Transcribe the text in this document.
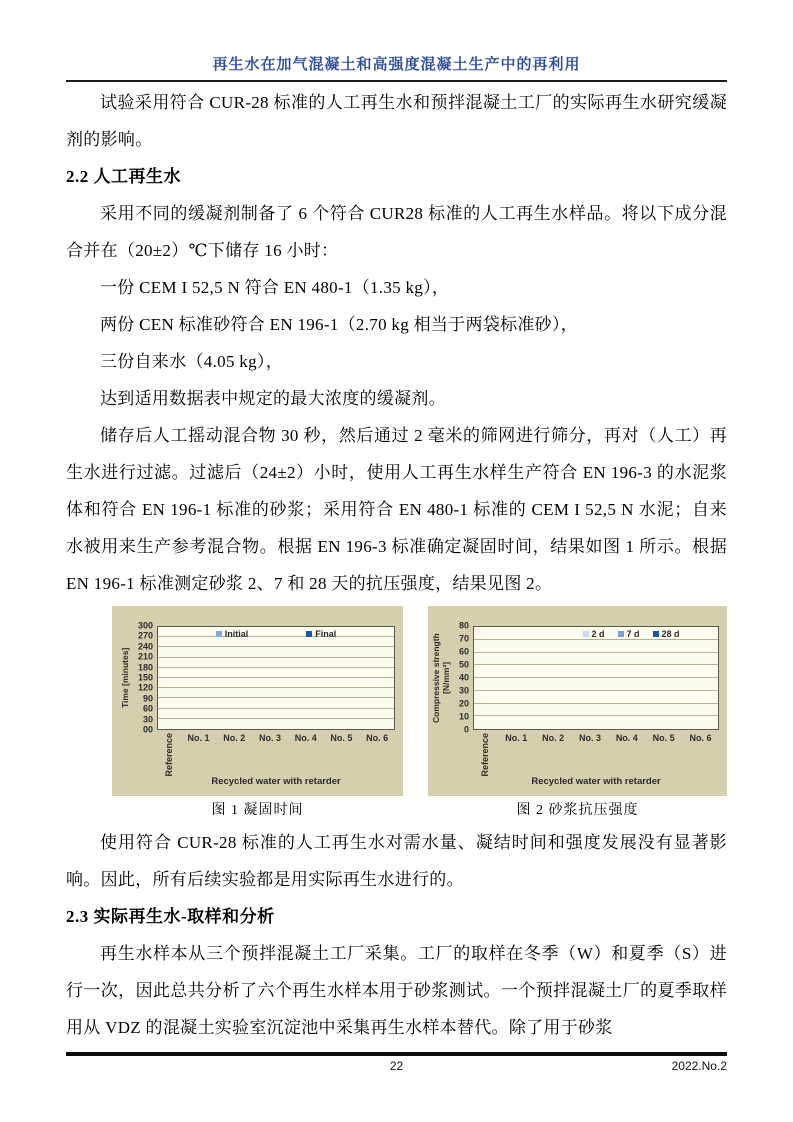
再生水在加气混凝土和高强度混凝土生产中的再利用

试验采用符合 CUR-28 标准的人工再生水和预拌混凝土工厂的实际再生水研究缓凝剂的影响。

2.2 人工再生水

采用不同的缓凝剂制备了 6 个符合 CUR28 标准的人工再生水样品。将以下成分混合并在（20±2）℃下储存 16 小时：

一份 CEM I 52,5 N 符合 EN 480-1（1.35 kg），

两份 CEN 标准砂符合 EN 196-1（2.70 kg 相当于两袋标准砂），

三份自来水（4.05 kg），

达到适用数据表中规定的最大浓度的缓凝剂。

储存后人工摇动混合物 30 秒，然后通过 2 毫米的筛网进行筛分，再对（人工）再生水进行过滤。过滤后（24±2）小时，使用人工再生水样生产符合 EN 196-3 的水泥浆体和符合 EN 196-1 标准的砂浆；采用符合 EN 480-1 标准的 CEM I 52,5 N 水泥；自来水被用来生产参考混合物。根据 EN 196-3 标准确定凝固时间，结果如图 1 所示。根据 EN 196-1 标准测定砂浆 2、7 和 28 天的抗压强度，结果见图 2。

Time [minutes]
00
30
60
90
120
150
180
210
240
270
300
Initial	Final
Reference No. 1 No. 2 No. 3 No. 4 No. 5 No. 6
Recycled water with retarder
图 1 凝固时间
Compressive strength [N/mm²]
0
10
20
30
40
50
60
70
80
2 d 7 d 28 d
Reference No. 1 No. 2 No. 3 No. 4 No. 5 No. 6
Recycled water with retarder
图 2 砂浆抗压强度

使用符合 CUR-28 标准的人工再生水对需水量、凝结时间和强度发展没有显著影响。因此，所有后续实验都是用实际再生水进行的。

2.3 实际再生水-取样和分析

再生水样本从三个预拌混凝土工厂采集。工厂的取样在冬季（W）和夏季（S）进行一次，因此总共分析了六个再生水样本用于砂浆测试。一个预拌混凝土厂的夏季取样用从 VDZ 的混凝土实验室沉淀池中采集再生水样本替代。除了用于砂浆

22	2022.No.2
